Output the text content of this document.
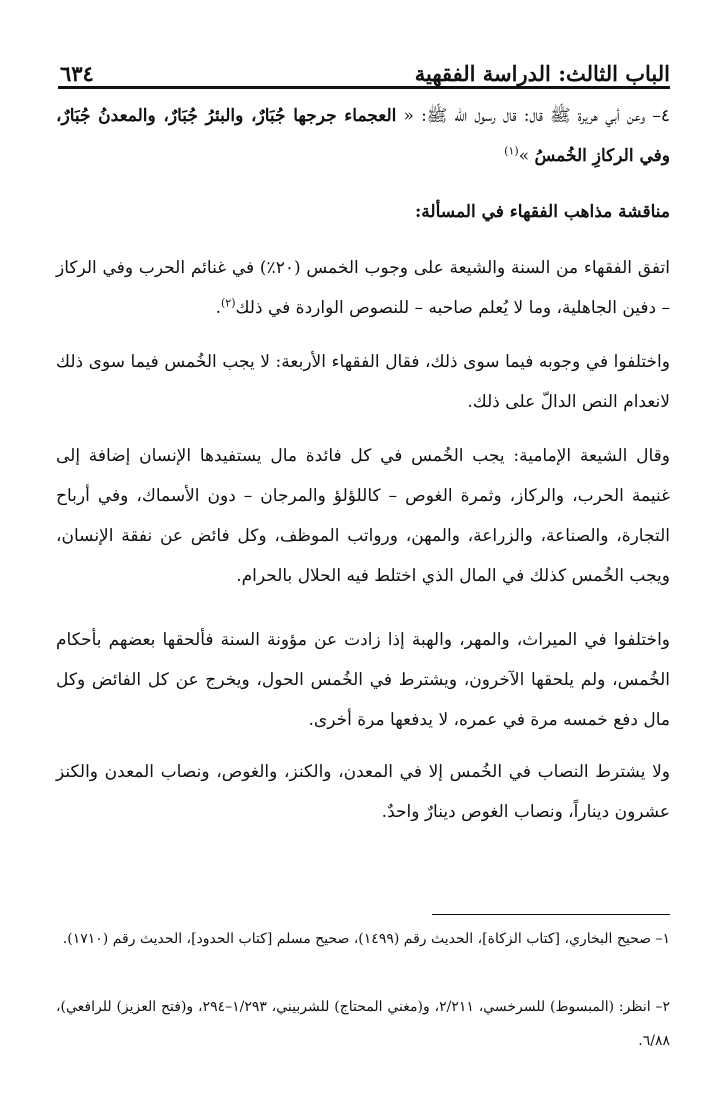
الباب الثالث: الدراسة الفقهية
٦٣٤

٤– وعن أبي هريرة ﷺ قال: قال رسول الله ﷺ: « العجماء جرجها جُبَارٌ، والبئرُ جُبَارٌ، والمعدنُ جُبَارٌ، وفي الركازِ الخُمسُ »$^{(١)}$

مناقشة مذاهب الفقهاء في المسألة:

اتفق الفقهاء من السنة والشيعة على وجوب الخمس (٢٠٪) في غنائم الحرب وفي الركاز – دفين الجاهلية، وما لا يُعلم صاحبه – للنصوص الواردة في ذلك$^{(٢)}$.

واختلفوا في وجوبه فيما سوى ذلك، فقال الفقهاء الأربعة: لا يجب الخُمس فيما سوى ذلك لانعدام النص الدالّ على ذلك.

وقال الشيعة الإمامية: يجب الخُمس في كل فائدة مال يستفيدها الإنسان إضافة إلى غنيمة الحرب، والركاز، وثمرة الغوص – كاللؤلؤ والمرجان – دون الأسماك، وفي أرباح التجارة، والصناعة، والزراعة، والمهن، ورواتب الموظف، وكل فائض عن نفقة الإنسان، ويجب الخُمس كذلك في المال الذي اختلط فيه الحلال بالحرام.

واختلفوا في الميراث، والمهر، والهبة إذا زادت عن مؤونة السنة فألحقها بعضهم بأحكام الخُمس، ولم يلحقها الآخرون، ويشترط في الخُمس الحول، ويخرج عن كل الفائض وكل مال دفع خمسه مرة في عمره، لا يدفعها مرة أخرى.

ولا يشترط النصاب في الخُمس إلا في المعدن، والكنز، والغوص، ونصاب المعدن والكنز عشرون ديناراً، ونصاب الغوص دينارٌ واحدٌ.

١– صحيح البخاري، [كتاب الزكاة]، الحديث رقم (١٤٩٩)، صحيح مسلم [كتاب الحدود]، الحديث رقم (١٧١٠).

٢– انظر: (المبسوط) للسرخسي، ٢/٢١١، و(مغني المحتاج) للشربيني، ١/٢٩٣–٢٩٤، و(فتح العزيز) للرافعي)، ٦/٨٨.
